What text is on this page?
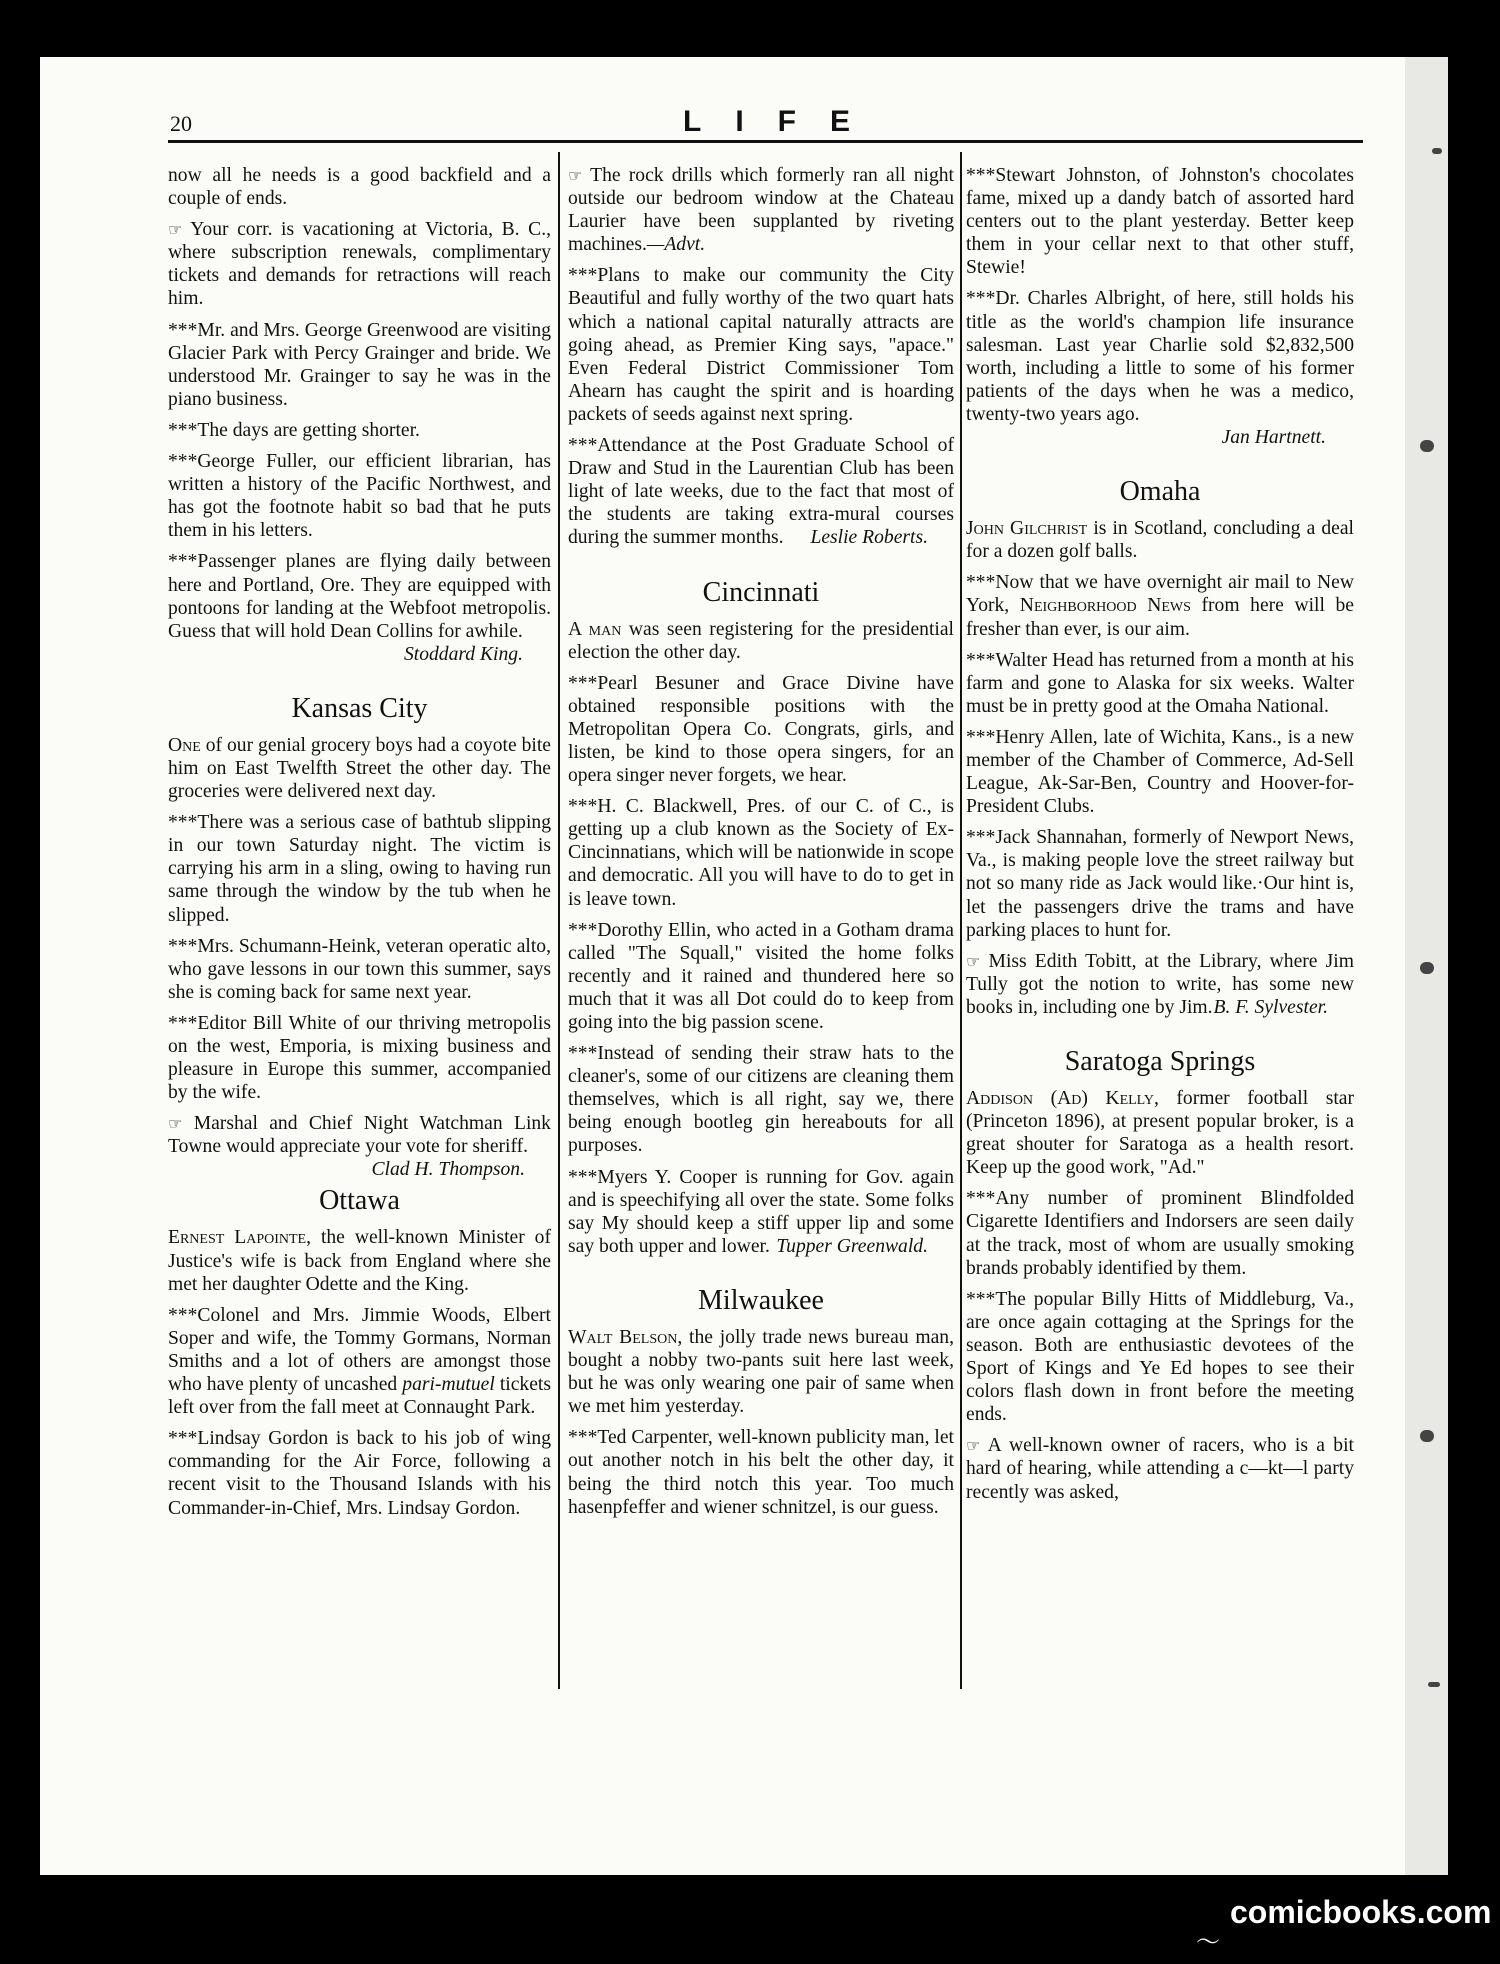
20	LIFE

now all he needs is a good backfield and a couple of ends.

☞ Your corr. is vacationing at Victoria, B. C., where subscription renewals, complimentary tickets and demands for retractions will reach him.

***Mr. and Mrs. George Greenwood are visiting Glacier Park with Percy Grainger and bride. We understood Mr. Grainger to say he was in the piano business.

***The days are getting shorter.

***George Fuller, our efficient librarian, has written a history of the Pacific Northwest, and has got the footnote habit so bad that he puts them in his letters.

***Passenger planes are flying daily between here and Portland, Ore. They are equipped with pontoons for landing at the Webfoot metropolis. Guess that will hold Dean Collins for awhile.

Stoddard King.
Kansas City

One of our genial grocery boys had a coyote bite him on East Twelfth Street the other day. The groceries were delivered next day.

***There was a serious case of bathtub slipping in our town Saturday night. The victim is carrying his arm in a sling, owing to having run same through the window by the tub when he slipped.

***Mrs. Schumann-Heink, veteran operatic alto, who gave lessons in our town this summer, says she is coming back for same next year.

***Editor Bill White of our thriving metropolis on the west, Emporia, is mixing business and pleasure in Europe this summer, accompanied by the wife.

☞ Marshal and Chief Night Watchman Link Towne would appreciate your vote for sheriff.
Clad H. Thompson.

Ottawa

Ernest Lapointe, the well-known Minister of Justice's wife is back from England where she met her daughter Odette and the King.

***Colonel and Mrs. Jimmie Woods, Elbert Soper and wife, the Tommy Gormans, Norman Smiths and a lot of others are amongst those who have plenty of uncashed pari-mutuel tickets left over from the fall meet at Connaught Park.

***Lindsay Gordon is back to his job of wing commanding for the Air Force, following a recent visit to the Thousand Islands with his Commander-in-Chief, Mrs. Lindsay Gordon.

☞ The rock drills which formerly ran all night outside our bedroom window at the Chateau Laurier have been supplanted by riveting machines.—Advt.

***Plans to make our community the City Beautiful and fully worthy of the two quart hats which a national capital naturally attracts are going ahead, as Premier King says, "apace." Even Federal District Commissioner Tom Ahearn has caught the spirit and is hoarding packets of seeds against next spring.

***Attendance at the Post Graduate School of Draw and Stud in the Laurentian Club has been light of late weeks, due to the fact that most of the students are taking extra-mural courses during the summer months. Leslie Roberts.

Cincinnati

A man was seen registering for the presidential election the other day.

***Pearl Besuner and Grace Divine have obtained responsible positions with the Metropolitan Opera Co. Congrats, girls, and listen, be kind to those opera singers, for an opera singer never forgets, we hear.

***H. C. Blackwell, Pres. of our C. of C., is getting up a club known as the Society of Ex-Cincinnatians, which will be nationwide in scope and democratic. All you will have to do to get in is leave town.

***Dorothy Ellin, who acted in a Gotham drama called "The Squall," visited the home folks recently and it rained and thundered here so much that it was all Dot could do to keep from going into the big passion scene.

***Instead of sending their straw hats to the cleaner's, some of our citizens are cleaning them themselves, which is all right, say we, there being enough bootleg gin hereabouts for all purposes.

***Myers Y. Cooper is running for Gov. again and is speechifying all over the state. Some folks say My should keep a stiff upper lip and some say both upper and lower. Tupper Greenwald.

Milwaukee

Walt Belson, the jolly trade news bureau man, bought a nobby two-pants suit here last week, but he was only wearing one pair of same when we met him yesterday.

***Ted Carpenter, well-known publicity man, let out another notch in his belt the other day, it being the third notch this year. Too much hasenpfeffer and wiener schnitzel, is our guess.

***Stewart Johnston, of Johnston's chocolates fame, mixed up a dandy batch of assorted hard centers out to the plant yesterday. Better keep them in your cellar next to that other stuff, Stewie!

***Dr. Charles Albright, of here, still holds his title as the world's champion life insurance salesman. Last year Charlie sold $2,832,500 worth, including a little to some of his former patients of the days when he was a medico, twenty-two years ago.

Jan Hartnett.
Omaha

John Gilchrist is in Scotland, concluding a deal for a dozen golf balls.

***Now that we have overnight air mail to New York, Neighborhood News from here will be fresher than ever, is our aim.

***Walter Head has returned from a month at his farm and gone to Alaska for six weeks. Walter must be in pretty good at the Omaha National.

***Henry Allen, late of Wichita, Kans., is a new member of the Chamber of Commerce, Ad-Sell League, Ak-Sar-Ben, Country and Hoover-for-President Clubs.

***Jack Shannahan, formerly of Newport News, Va., is making people love the street railway but not so many ride as Jack would like.·Our hint is, let the passengers drive the trams and have parking places to hunt for.

☞ Miss Edith Tobitt, at the Library, where Jim Tully got the notion to write, has some new books in, including one by Jim. B. F. Sylvester.

Saratoga Springs

Addison (Ad) Kelly, former football star (Princeton 1896), at present popular broker, is a great shouter for Saratoga as a health resort. Keep up the good work, "Ad."

***Any number of prominent Blindfolded Cigarette Identifiers and Indorsers are seen daily at the track, most of whom are usually smoking brands probably identified by them.

***The popular Billy Hitts of Middleburg, Va., are once again cottaging at the Springs for the season. Both are enthusiastic devotees of the Sport of Kings and Ye Ed hopes to see their colors flash down in front before the meeting ends.

☞ A well-known owner of racers, who is a bit hard of hearing, while attending a c—kt—l party recently was asked,

comicbooks.com
〜
